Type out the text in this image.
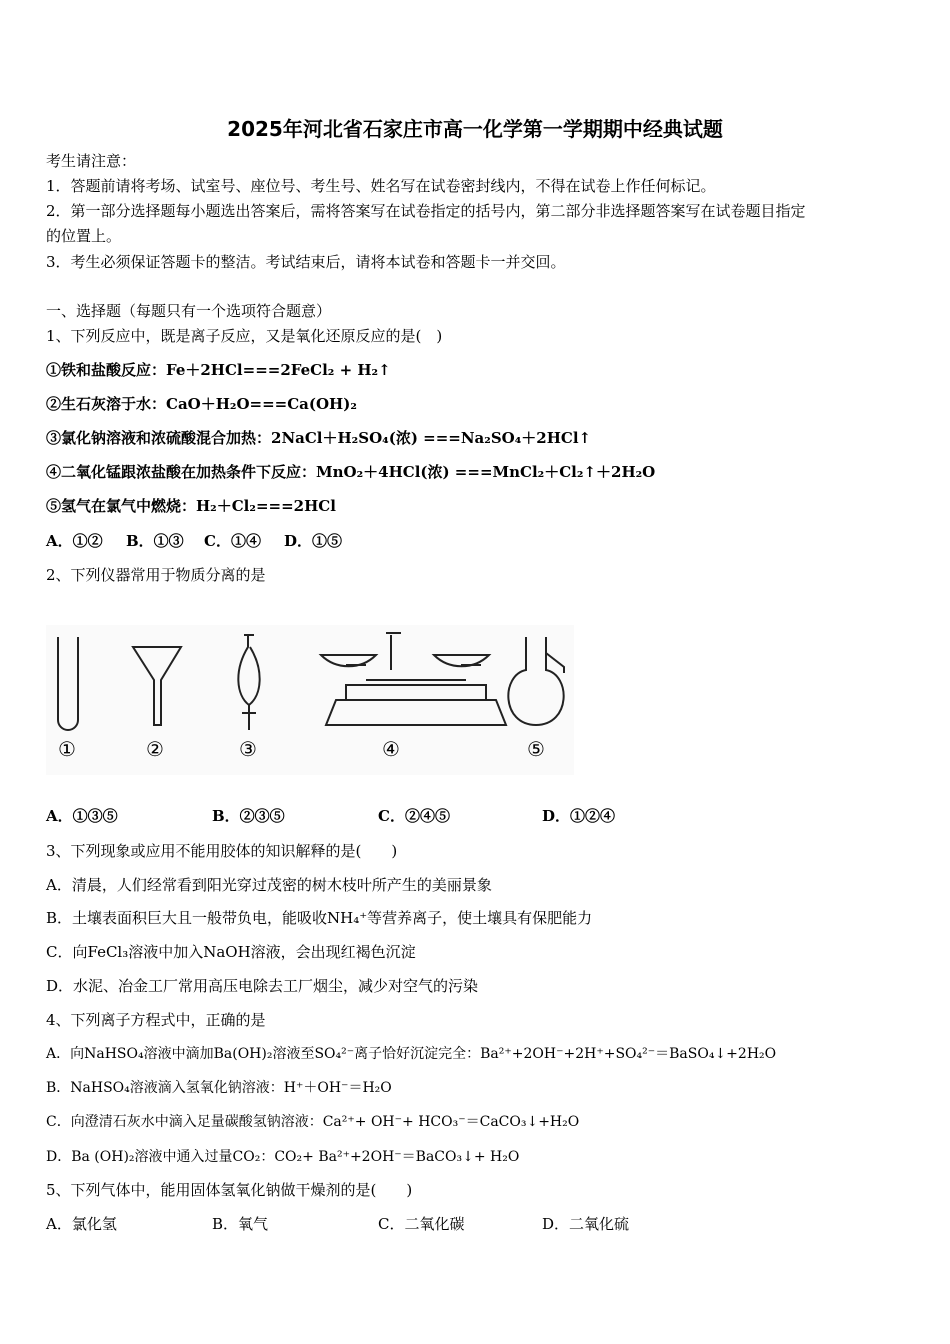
2025年河北省石家庄市高一化学第一学期期中经典试题
考生请注意：
1．答题前请将考场、试室号、座位号、考生号、姓名写在试卷密封线内，不得在试卷上作任何标记。
2．第一部分选择题每小题选出答案后，需将答案写在试卷指定的括号内，第二部分非选择题答案写在试卷题目指定
的位置上。
3．考生必须保证答题卡的整洁。考试结束后，请将本试卷和答题卡一并交回。
一、选择题（每题只有一个选项符合题意）
1、下列反应中，既是离子反应，又是氧化还原反应的是(　)
①铁和盐酸反应：Fe＋2HCl===2FeCl₂ + H₂↑
②生石灰溶于水：CaO＋H₂O===Ca(OH)₂
③氯化钠溶液和浓硫酸混合加热：2NaCl＋H₂SO₄(浓) ===Na₂SO₄＋2HCl↑
④二氧化锰跟浓盐酸在加热条件下反应：MnO₂＋4HCl(浓) ===MnCl₂＋Cl₂↑＋2H₂O
⑤氢气在氯气中燃烧：H₂＋Cl₂===2HCl
A．①② B．①③ C．①④ D．①⑤
2、下列仪器常用于物质分离的是
①	②	③	④	⑤
A．①③⑤	B．②③⑤	C．②④⑤	D．①②④
3、下列现象或应用不能用胶体的知识解释的是(　　)
A．清晨，人们经常看到阳光穿过茂密的树木枝叶所产生的美丽景象
B．土壤表面积巨大且一般带负电，能吸收NH₄⁺等营养离子，使土壤具有保肥能力
C．向FeCl₃溶液中加入NaOH溶液，会出现红褐色沉淀
D．水泥、冶金工厂常用高压电除去工厂烟尘，减少对空气的污染
4、下列离子方程式中，正确的是
A．向NaHSO₄溶液中滴加Ba(OH)₂溶液至SO₄²⁻离子恰好沉淀完全：Ba²⁺+2OH⁻+2H⁺+SO₄²⁻＝BaSO₄↓+2H₂O
B．NaHSO₄溶液滴入氢氧化钠溶液：H⁺＋OH⁻＝H₂O
C．向澄清石灰水中滴入足量碳酸氢钠溶液：Ca²⁺+ OH⁻+ HCO₃⁻＝CaCO₃↓+H₂O
D．Ba (OH)₂溶液中通入过量CO₂：CO₂+ Ba²⁺+2OH⁻＝BaCO₃↓+ H₂O
5、下列气体中，能用固体氢氧化钠做干燥剂的是(　　)
A．氯化氢	B．氧气	C．二氧化碳	D．二氧化硫
